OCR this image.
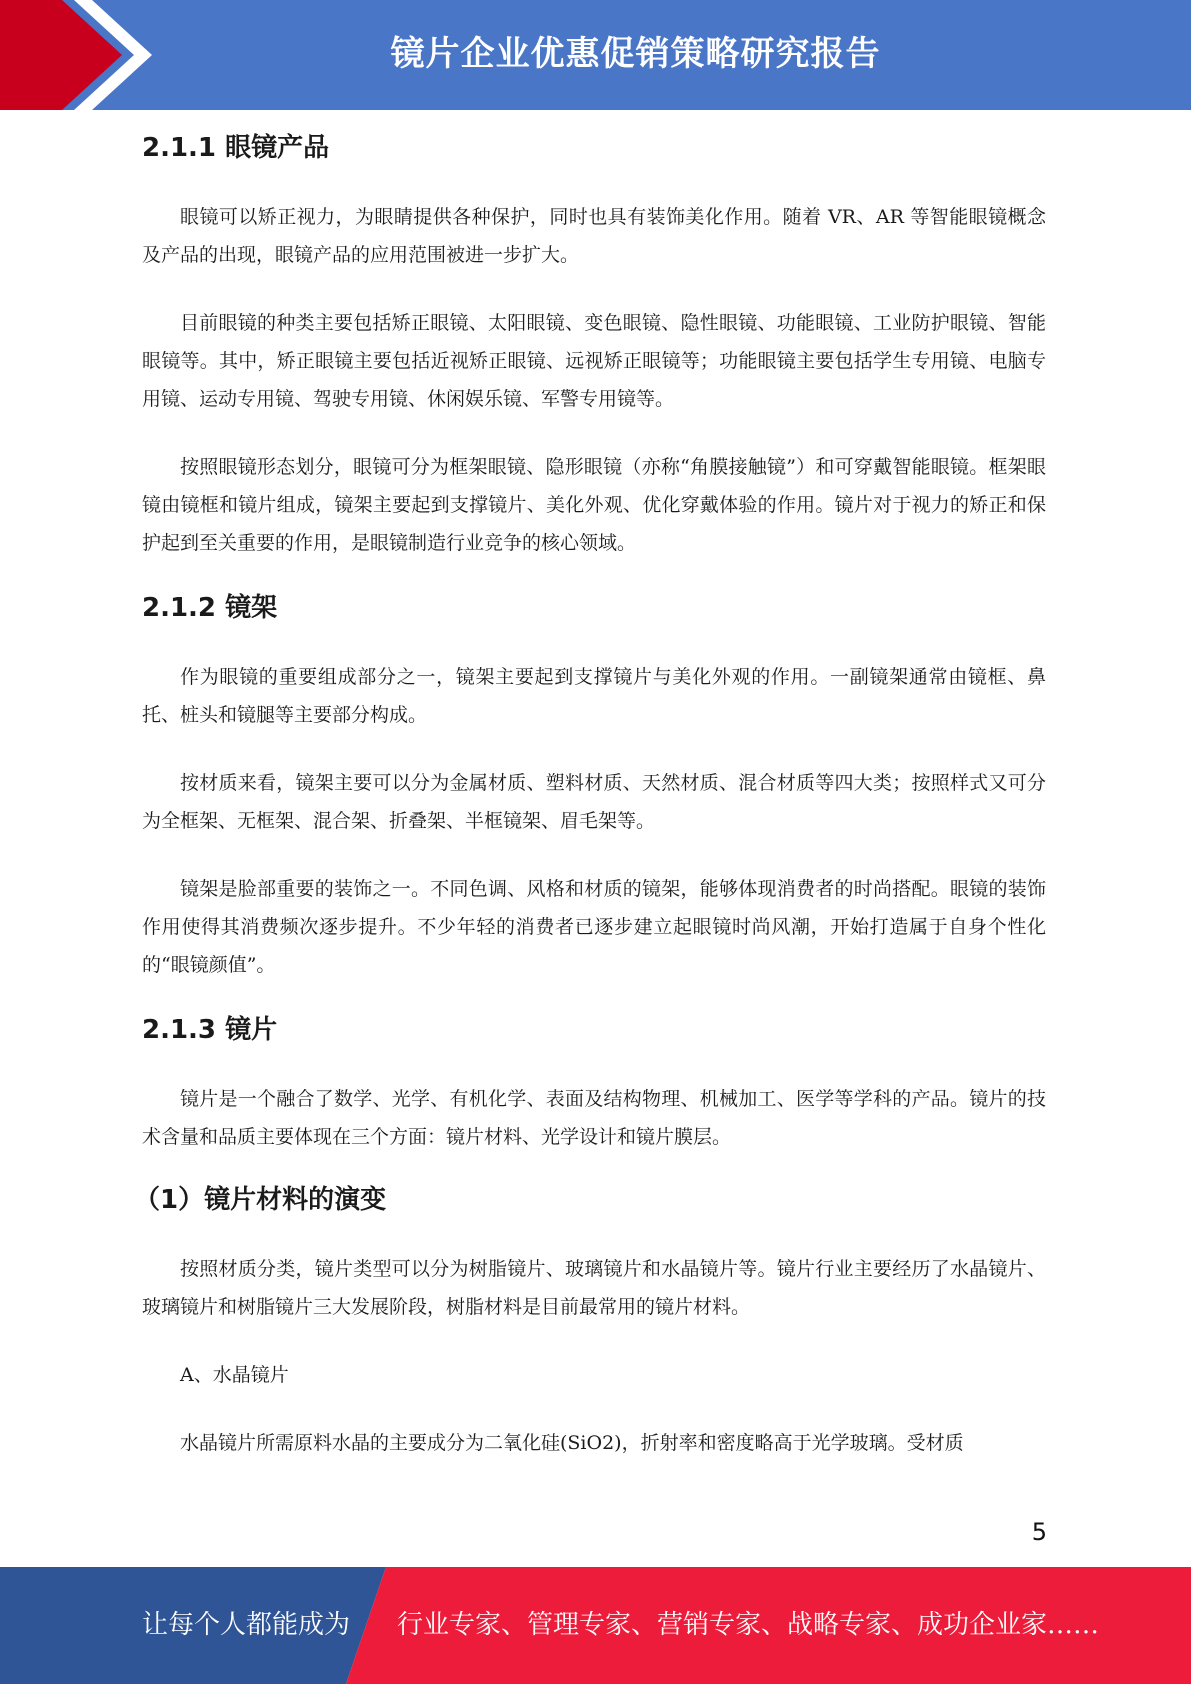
镜片企业优惠促销策略研究报告
2.1.1 眼镜产品

眼镜可以矫正视力，为眼睛提供各种保护，同时也具有装饰美化作用。随着 VR、AR 等智能眼镜概念及产品的出现，眼镜产品的应用范围被进一步扩大。

目前眼镜的种类主要包括矫正眼镜、太阳眼镜、变色眼镜、隐性眼镜、功能眼镜、工业防护眼镜、智能眼镜等。其中，矫正眼镜主要包括近视矫正眼镜、远视矫正眼镜等；功能眼镜主要包括学生专用镜、电脑专用镜、运动专用镜、驾驶专用镜、休闲娱乐镜、军警专用镜等。

按照眼镜形态划分，眼镜可分为框架眼镜、隐形眼镜（亦称“角膜接触镜”）和可穿戴智能眼镜。框架眼镜由镜框和镜片组成，镜架主要起到支撑镜片、美化外观、优化穿戴体验的作用。镜片对于视力的矫正和保护起到至关重要的作用，是眼镜制造行业竞争的核心领域。

2.1.2 镜架

作为眼镜的重要组成部分之一，镜架主要起到支撑镜片与美化外观的作用。一副镜架通常由镜框、鼻托、桩头和镜腿等主要部分构成。

按材质来看，镜架主要可以分为金属材质、塑料材质、天然材质、混合材质等四大类；按照样式又可分为全框架、无框架、混合架、折叠架、半框镜架、眉毛架等。

镜架是脸部重要的装饰之一。不同色调、风格和材质的镜架，能够体现消费者的时尚搭配。眼镜的装饰作用使得其消费频次逐步提升。不少年轻的消费者已逐步建立起眼镜时尚风潮，开始打造属于自身个性化的“眼镜颜值”。

2.1.3 镜片

镜片是一个融合了数学、光学、有机化学、表面及结构物理、机械加工、医学等学科的产品。镜片的技术含量和品质主要体现在三个方面：镜片材料、光学设计和镜片膜层。

（1）镜片材料的演变

按照材质分类，镜片类型可以分为树脂镜片、玻璃镜片和水晶镜片等。镜片行业主要经历了水晶镜片、玻璃镜片和树脂镜片三大发展阶段，树脂材料是目前最常用的镜片材料。

A、水晶镜片

水晶镜片所需原料水晶的主要成分为二氧化硅(SiO2)，折射率和密度略高于光学玻璃。受材质

5
让每个人都能成为 行业专家、管理专家、营销专家、战略专家、成功企业家……
